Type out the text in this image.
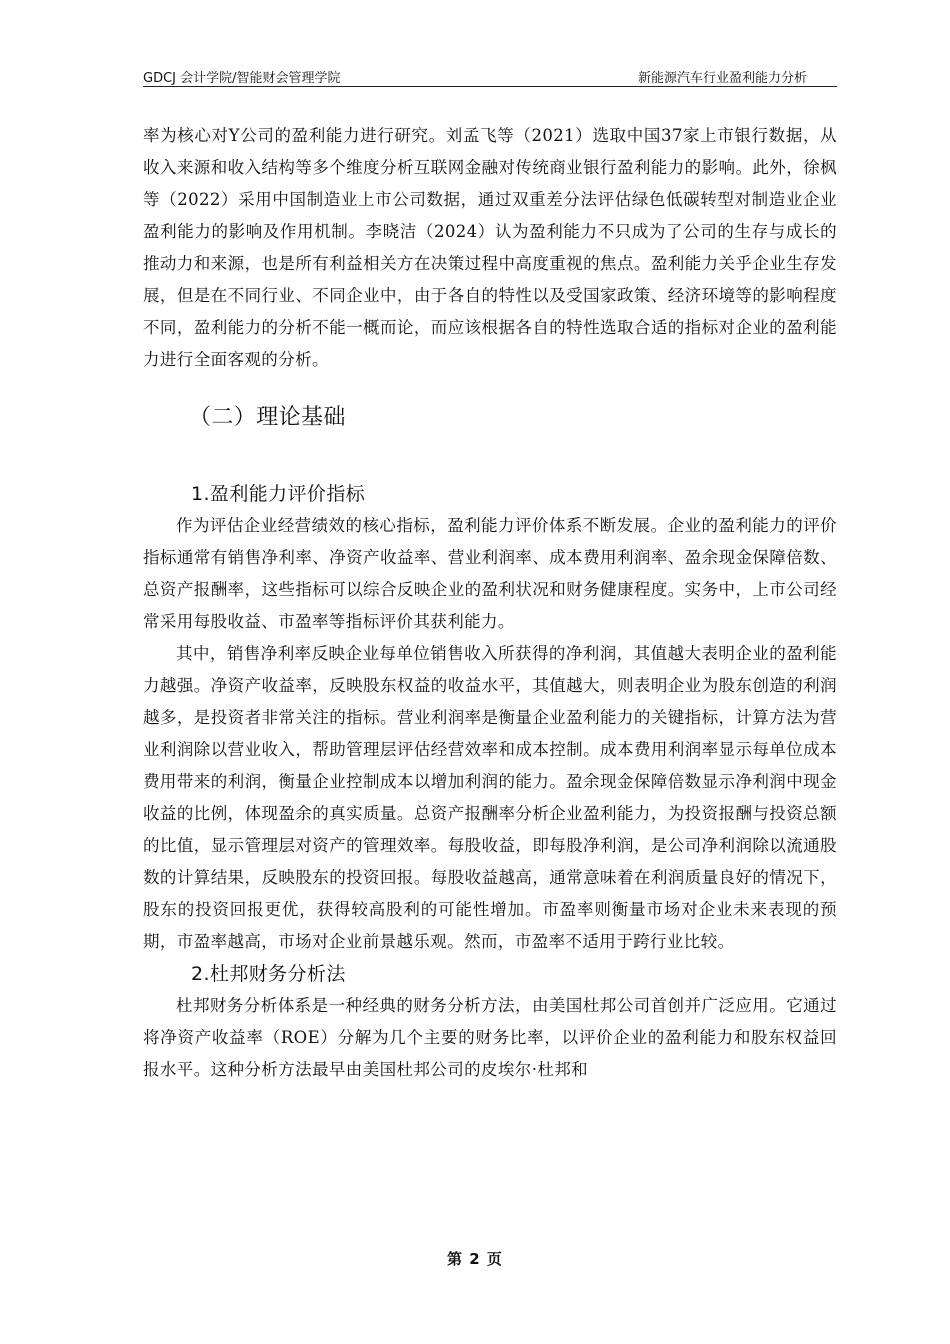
GDCJ 会计学院/智能财会管理学院	新能源汽车行业盈利能力分析

率为核心对Y公司的盈利能力进行研究。刘孟飞等（2021）选取中国37家上市银行数据，从收入来源和收入结构等多个维度分析互联网金融对传统商业银行盈利能力的影响。此外，徐枫等（2022）采用中国制造业上市公司数据，通过双重差分法评估绿色低碳转型对制造业企业盈利能力的影响及作用机制。李晓洁（2024）认为盈利能力不只成为了公司的生存与成长的推动力和来源，也是所有利益相关方在决策过程中高度重视的焦点。盈利能力关乎企业生存发展，但是在不同行业、不同企业中，由于各自的特性以及受国家政策、经济环境等的影响程度不同，盈利能力的分析不能一概而论，而应该根据各自的特性选取合适的指标对企业的盈利能力进行全面客观的分析。

（二）理论基础
1.盈利能力评价指标

作为评估企业经营绩效的核心指标，盈利能力评价体系不断发展。企业的盈利能力的评价指标通常有销售净利率、净资产收益率、营业利润率、成本费用利润率、盈余现金保障倍数、总资产报酬率，这些指标可以综合反映企业的盈利状况和财务健康程度。实务中，上市公司经常采用每股收益、市盈率等指标评价其获利能力。

其中，销售净利率反映企业每单位销售收入所获得的净利润，其值越大表明企业的盈利能力越强。净资产收益率，反映股东权益的收益水平，其值越大，则表明企业为股东创造的利润越多，是投资者非常关注的指标。营业利润率是衡量企业盈利能力的关键指标，计算方法为营业利润除以营业收入，帮助管理层评估经营效率和成本控制。成本费用利润率显示每单位成本费用带来的利润，衡量企业控制成本以增加利润的能力。盈余现金保障倍数显示净利润中现金收益的比例，体现盈余的真实质量。总资产报酬率分析企业盈利能力，为投资报酬与投资总额的比值，显示管理层对资产的管理效率。每股收益，即每股净利润，是公司净利润除以流通股数的计算结果，反映股东的投资回报。每股收益越高，通常意味着在利润质量良好的情况下，股东的投资回报更优，获得较高股利的可能性增加。市盈率则衡量市场对企业未来表现的预期，市盈率越高，市场对企业前景越乐观。然而，市盈率不适用于跨行业比较。

2.杜邦财务分析法

杜邦财务分析体系是一种经典的财务分析方法，由美国杜邦公司首创并广泛应用。它通过将净资产收益率（ROE）分解为几个主要的财务比率，以评价企业的盈利能力和股东权益回报水平。这种分析方法最早由美国杜邦公司的皮埃尔·杜邦和

第 2 页
